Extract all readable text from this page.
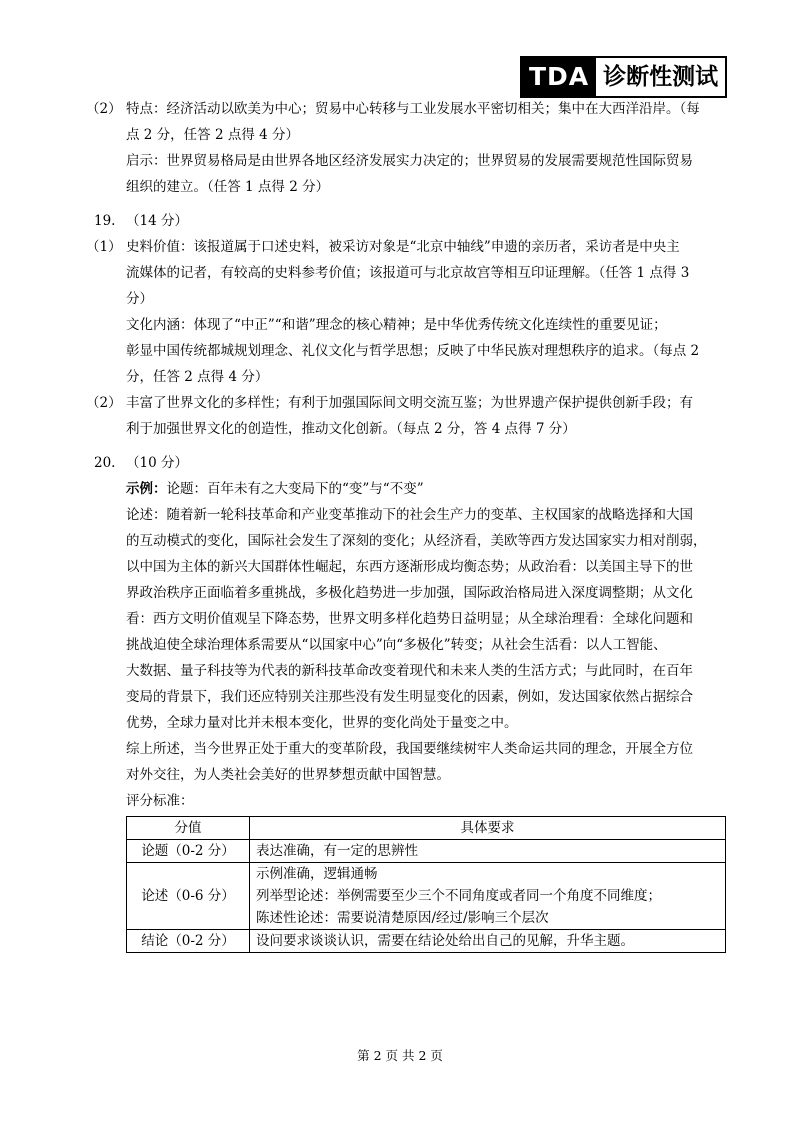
TDA 诊断性测试
（2） 特点：经济活动以欧美为中心；贸易中心转移与工业发展水平密切相关；集中在大西洋沿岸。（每
点 2 分，任答 2 点得 4 分）
启示：世界贸易格局是由世界各地区经济发展实力决定的；世界贸易的发展需要规范性国际贸易
组织的建立。（任答 1 点得 2 分）
19. （14 分）
（1） 史料价值：该报道属于口述史料，被采访对象是“北京中轴线”申遗的亲历者，采访者是中央主
流媒体的记者，有较高的史料参考价值；该报道可与北京故宫等相互印证理解。（任答 1 点得 3
分）
文化内涵：体现了“中正”“和谐”理念的核心精神；是中华优秀传统文化连续性的重要见证；
彰显中国传统都城规划理念、礼仪文化与哲学思想；反映了中华民族对理想秩序的追求。（每点 2
分，任答 2 点得 4 分）
（2） 丰富了世界文化的多样性；有利于加强国际间文明交流互鉴；为世界遗产保护提供创新手段；有
利于加强世界文化的创造性，推动文化创新。（每点 2 分，答 4 点得 7 分）
20. （10 分）
示例：论题：百年未有之大变局下的“变”与“不变”
论述：随着新一轮科技革命和产业变革推动下的社会生产力的变革、主权国家的战略选择和大国
的互动模式的变化，国际社会发生了深刻的变化；从经济看，美欧等西方发达国家实力相对削弱，
以中国为主体的新兴大国群体性崛起，东西方逐渐形成均衡态势；从政治看：以美国主导下的世
界政治秩序正面临着多重挑战，多极化趋势进一步加强，国际政治格局进入深度调整期；从文化
看：西方文明价值观呈下降态势，世界文明多样化趋势日益明显；从全球治理看：全球化问题和
挑战迫使全球治理体系需要从“以国家中心”向“多极化”转变；从社会生活看：以人工智能、
大数据、量子科技等为代表的新科技革命改变着现代和未来人类的生活方式；与此同时，在百年
变局的背景下，我们还应特别关注那些没有发生明显变化的因素，例如，发达国家依然占据综合
优势，全球力量对比并未根本变化，世界的变化尚处于量变之中。
综上所述，当今世界正处于重大的变革阶段，我国要继续树牢人类命运共同的理念，开展全方位
对外交往，为人类社会美好的世界梦想贡献中国智慧。
评分标准：
分值	具体要求
论题（0-2 分）	表达准确，有一定的思辨性
论述（0-6 分）	示例准确，逻辑通畅
列举型论述：举例需要至少三个不同角度或者同一个角度不同维度；
陈述性论述：需要说清楚原因/经过/影响三个层次

结论（0-2 分）	设问要求谈谈认识，需要在结论处给出自己的见解，升华主题。
第 2 页 共 2 页
